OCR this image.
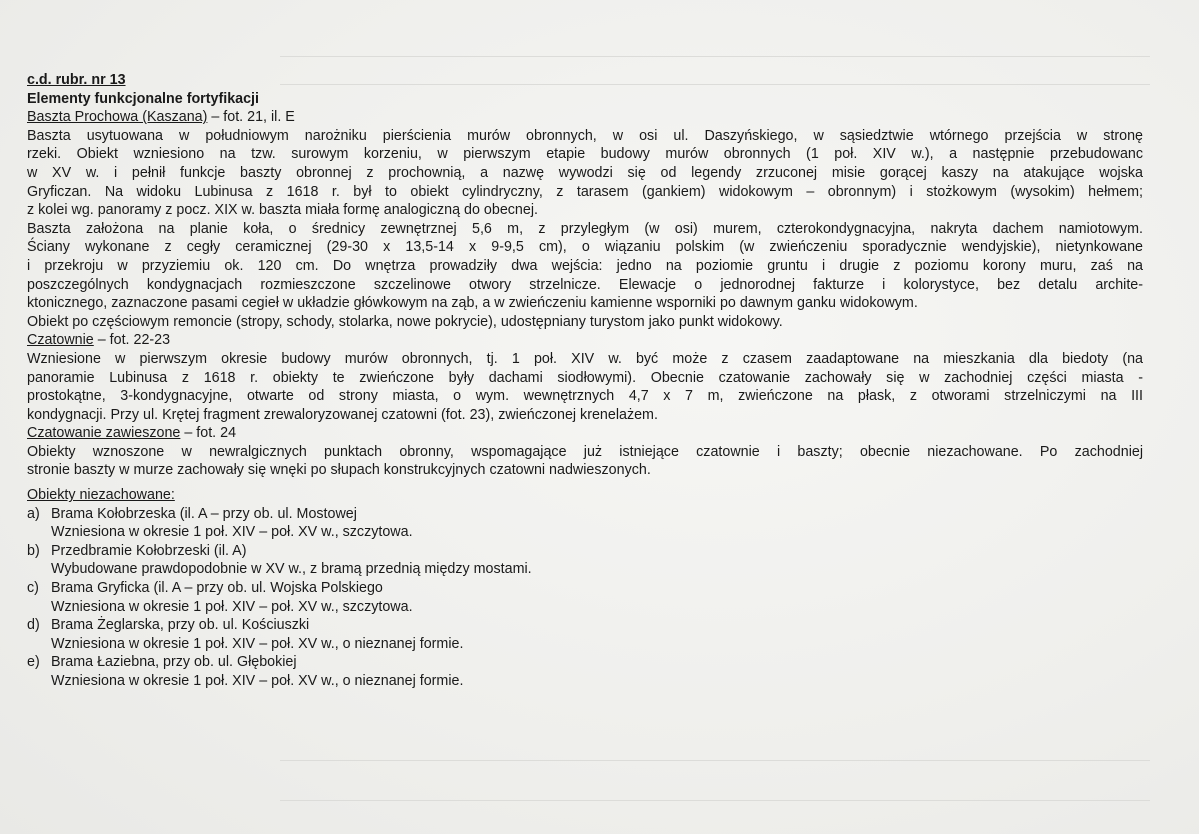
c.d. rubr. nr 13
Elementy funkcjonalne fortyfikacji
Baszta Prochowa (Kaszana) – fot. 21, il. E
Baszta usytuowana w południowym narożniku pierścienia murów obronnych, w osi ul. Daszyńskiego, w sąsiedztwie wtórnego przejścia w stronę
rzeki. Obiekt wzniesiono na tzw. surowym korzeniu, w pierwszym etapie budowy murów obronnych (1 poł. XIV w.), a następnie przebudowanc
w XV w. i pełnił funkcje baszty obronnej z prochownią, a nazwę wywodzi się od legendy zrzuconej misie gorącej kaszy na atakujące wojska
Gryficzan. Na widoku Lubinusa z 1618 r. był to obiekt cylindryczny, z tarasem (gankiem) widokowym – obronnym) i stożkowym (wysokim) hełmem;
z kolei wg. panoramy z pocz. XIX w. baszta miała formę analogiczną do obecnej.
Baszta założona na planie koła, o średnicy zewnętrznej 5,6 m, z przyległym (w osi) murem, czterokondygnacyjna, nakryta dachem namiotowym.
Ściany wykonane z cegły ceramicznej (29-30 x 13,5-14 x 9-9,5 cm), o wiązaniu polskim (w zwieńczeniu sporadycznie wendyjskie), nietynkowane
i przekroju w przyziemiu ok. 120 cm. Do wnętrza prowadziły dwa wejścia: jedno na poziomie gruntu i drugie z poziomu korony muru, zaś na
poszczególnych kondygnacjach rozmieszczone szczelinowe otwory strzelnicze. Elewacje o jednorodnej fakturze i kolorystyce, bez detalu archite-
ktonicznego, zaznaczone pasami cegieł w układzie główkowym na ząb, a w zwieńczeniu kamienne wsporniki po dawnym ganku widokowym.
Obiekt po częściowym remoncie (stropy, schody, stolarka, nowe pokrycie), udostępniany turystom jako punkt widokowy.
Czatownie – fot. 22-23
Wzniesione w pierwszym okresie budowy murów obronnych, tj. 1 poł. XIV w. być może z czasem zaadaptowane na mieszkania dla biedoty (na
panoramie Lubinusa z 1618 r. obiekty te zwieńczone były dachami siodłowymi). Obecnie czatowanie zachowały się w zachodniej części miasta -
prostokątne, 3-kondygnacyjne, otwarte od strony miasta, o wym. wewnętrznych 4,7 x 7 m, zwieńczone na płask, z otworami strzelniczymi na III
kondygnacji. Przy ul. Krętej fragment zrewaloryzowanej czatowni (fot. 23), zwieńczonej krenelażem.
Czatowanie zawieszone – fot. 24
Obiekty wznoszone w newralgicznych punktach obronny, wspomagające już istniejące czatownie i baszty; obecnie niezachowane. Po zachodniej
stronie baszty w murze zachowały się wnęki po słupach konstrukcyjnych czatowni nadwieszonych.
Obiekty niezachowane:
a) Brama Kołobrzeska (il. A – przy ob. ul. Mostowej
Wzniesiona w okresie 1 poł. XIV – poł. XV w., szczytowa.
b) Przedbramie Kołobrzeski (il. A)
Wybudowane prawdopodobnie w XV w., z bramą przednią między mostami.
c) Brama Gryficka (il. A – przy ob. ul. Wojska Polskiego
Wzniesiona w okresie 1 poł. XIV – poł. XV w., szczytowa.
d) Brama Żeglarska, przy ob. ul. Kościuszki
Wzniesiona w okresie 1 poł. XIV – poł. XV w., o nieznanej formie.
e) Brama Łaziebna, przy ob. ul. Głębokiej
Wzniesiona w okresie 1 poł. XIV – poł. XV w., o nieznanej formie.
